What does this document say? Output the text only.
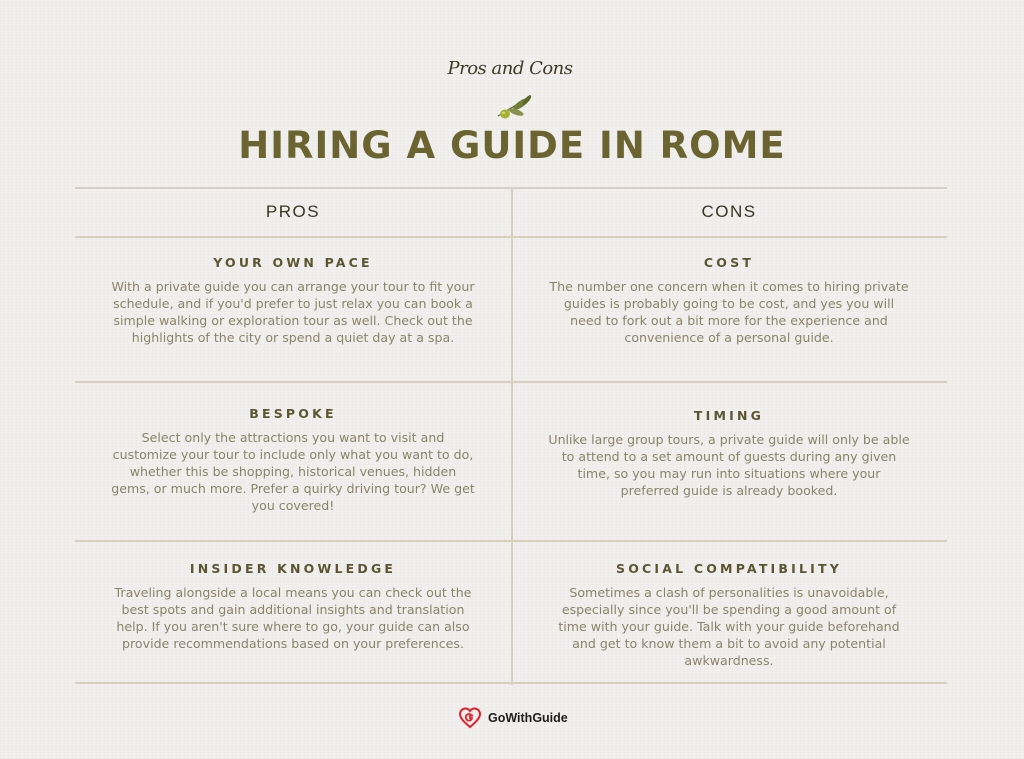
Pros and Cons
HIRING A GUIDE IN ROME
PROS	CONS
YOUR OWN PACE
With a private guide you can arrange your tour to fit your schedule, and if you'd prefer to just relax you can book a simple walking or exploration tour as well. Check out the highlights of the city or spend a quiet day at a spa.
COST
The number one concern when it comes to hiring private guides is probably going to be cost, and yes you will need to fork out a bit more for the experience and convenience of a personal guide.
BESPOKE
Select only the attractions you want to visit and customize your tour to include only what you want to do, whether this be shopping, historical venues, hidden gems, or much more. Prefer a quirky driving tour? We get you covered!
TIMING
Unlike large group tours, a private guide will only be able to attend to a set amount of guests during any given time, so you may run into situations where your preferred guide is already booked.
INSIDER KNOWLEDGE
Traveling alongside a local means you can check out the best spots and gain additional insights and translation help. If you aren't sure where to go, your guide can also provide recommendations based on your preferences.
SOCIAL COMPATIBILITY
Sometimes a clash of personalities is unavoidable, especially since you'll be spending a good amount of time with your guide. Talk with your guide beforehand and get to know them a bit to avoid any potential awkwardness.
GoWithGuide
